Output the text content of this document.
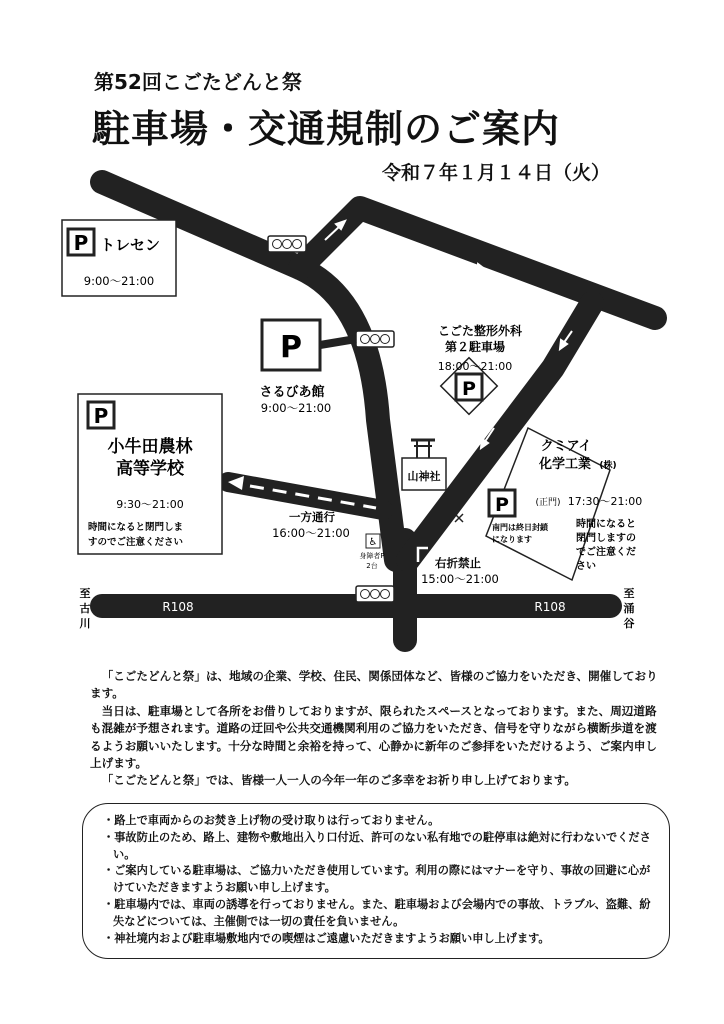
第52回こごたどんと祭
駐車場・交通規制のご案内
令和７年１月１４日（火）
P トレセン
9:00～21:00
P
さるびあ館
9:00～21:00
P
こごた整形外科
第２駐車場
18:00～21:00
P
小牛田農林
高等学校
9:30～21:00
時間になると閉門しま
すのでご注意ください
山神社
クミアイ
化学工業 (株)
P	(正門) 17:30～21:00
南門は終日封鎖
になります
時間になると
閉門しますの
でご注意くだ
さい
一方通行
16:00～21:00
右折禁止
15:00～21:00
♿
身障者P
2台
R108	R108
至
古
川
至
涌
谷

「こごたどんと祭」は、地域の企業、学校、住民、関係団体など、皆様のご協力をいただき、開催しております。

当日は、駐車場として各所をお借りしておりますが、限られたスペースとなっております。また、周辺道路も混雑が予想されます。道路の迂回や公共交通機関利用のご協力をいただき、信号を守りながら横断歩道を渡るようお願いいたします。十分な時間と余裕を持って、心静かに新年のご参拝をいただけるよう、ご案内申し上げます。

「こごたどんと祭」では、皆様一人一人の今年一年のご多幸をお祈り申し上げております。

・ 路上で車両からのお焚き上げ物の受け取りは行っておりません。
・ 事故防止のため、路上、建物や敷地出入り口付近、許可のない私有地での駐停車は絶対に行わないでください。
・ ご案内している駐車場は、ご協力いただき使用しています。利用の際にはマナーを守り、事故の回避に心がけていただきますようお願い申し上げます。
・ 駐車場内では、車両の誘導を行っておりません。また、駐車場および会場内での事故、トラブル、盗難、紛失などについては、主催側では一切の責任を負いません。
・ 神社境内および駐車場敷地内での喫煙はご遠慮いただきますようお願い申し上げます。
